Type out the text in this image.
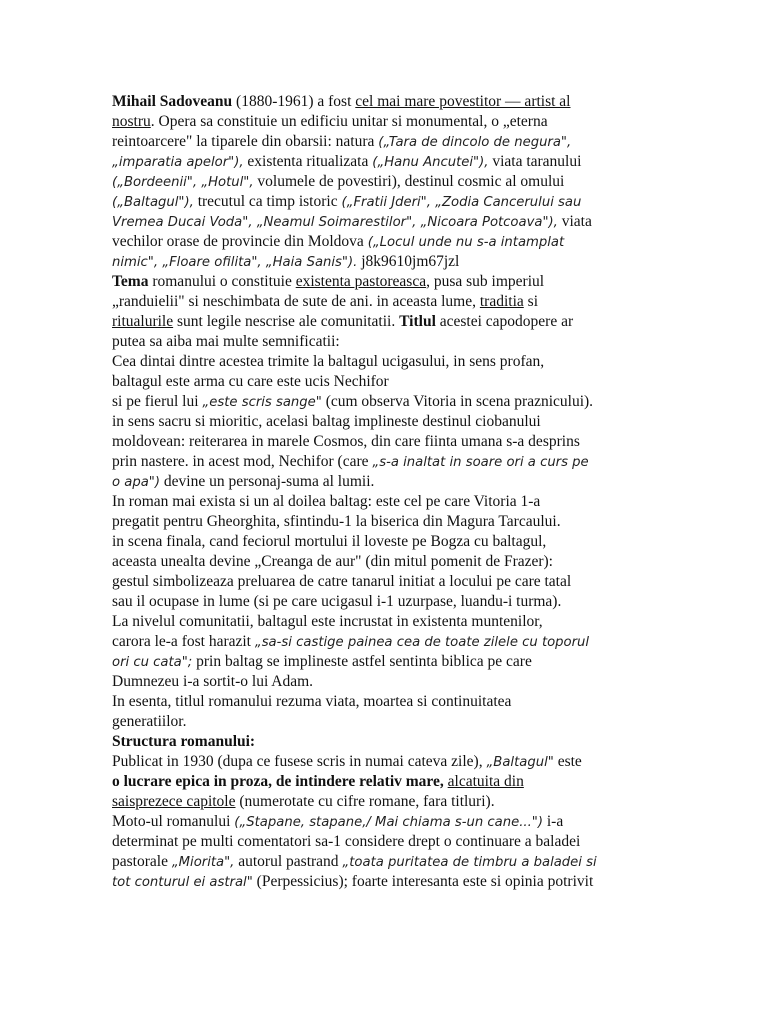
Mihail Sadoveanu (1880-1961) a fost cel mai mare povestitor — artist al
nostru. Opera sa constituie un edificiu unitar si monumental, o „eterna
reintoarcere" la tiparele din obarsii: natura („Tara de dincolo de negura",
„imparatia apelor"), existenta ritualizata („Hanu Ancutei"), viata taranului
(„Bordeenii", „Hotul", volumele de povestiri), destinul cosmic al omului
(„Baltagul"), trecutul ca timp istoric („Fratii Jderi", „Zodia Cancerului sau
Vremea Ducai Voda", „Neamul Soimarestilor", „Nicoara Potcoava"), viata
vechilor orase de provincie din Moldova („Locul unde nu s-a intamplat
nimic", „Floare ofilita", „Haia Sanis"). j8k9610jm67jzl
Tema romanului o constituie existenta pastoreasca, pusa sub imperiul
„randuielii" si neschimbata de sute de ani. in aceasta lume, traditia si
ritualurile sunt legile nescrise ale comunitatii. Titlul acestei capodopere ar
putea sa aiba mai multe semnificatii:
Cea dintai dintre acestea trimite la baltagul ucigasului, in sens profan,
baltagul este arma cu care este ucis Nechifor
si pe fierul lui „este scris sange" (cum observa Vitoria in scena praznicului).
in sens sacru si mioritic, acelasi baltag implineste destinul ciobanului
moldovean: reiterarea in marele Cosmos, din care fiinta umana s-a desprins
prin nastere. in acest mod, Nechifor (care „s-a inaltat in soare ori a curs pe
o apa") devine un personaj-suma al lumii.
In roman mai exista si un al doilea baltag: este cel pe care Vitoria 1-a
pregatit pentru Gheorghita, sfintindu-1 la biserica din Magura Tarcaului.
in scena finala, cand feciorul mortului il loveste pe Bogza cu baltagul,
aceasta unealta devine „Creanga de aur" (din mitul pomenit de Frazer):
gestul simbolizeaza preluarea de catre tanarul initiat a locului pe care tatal
sau il ocupase in lume (si pe care ucigasul i-1 uzurpase, luandu-i turma).
La nivelul comunitatii, baltagul este incrustat in existenta muntenilor,
carora le-a fost harazit „sa-si castige painea cea de toate zilele cu toporul
ori cu cata"; prin baltag se implineste astfel sentinta biblica pe care
Dumnezeu i-a sortit-o lui Adam.
In esenta, titlul romanului rezuma viata, moartea si continuitatea
generatiilor.
Structura romanului:
Publicat in 1930 (dupa ce fusese scris in numai cateva zile), „Baltagul" este
o lucrare epica in proza, de intindere relativ mare, alcatuita din
saisprezece capitole (numerotate cu cifre romane, fara titluri).
Moto-ul romanului („Stapane, stapane,/ Mai chiama s-un cane...") i-a
determinat pe multi comentatori sa-1 considere drept o continuare a baladei
pastorale „Miorita", autorul pastrand „toata puritatea de timbru a baladei si
tot conturul ei astral" (Perpessicius); foarte interesanta este si opinia potrivit
